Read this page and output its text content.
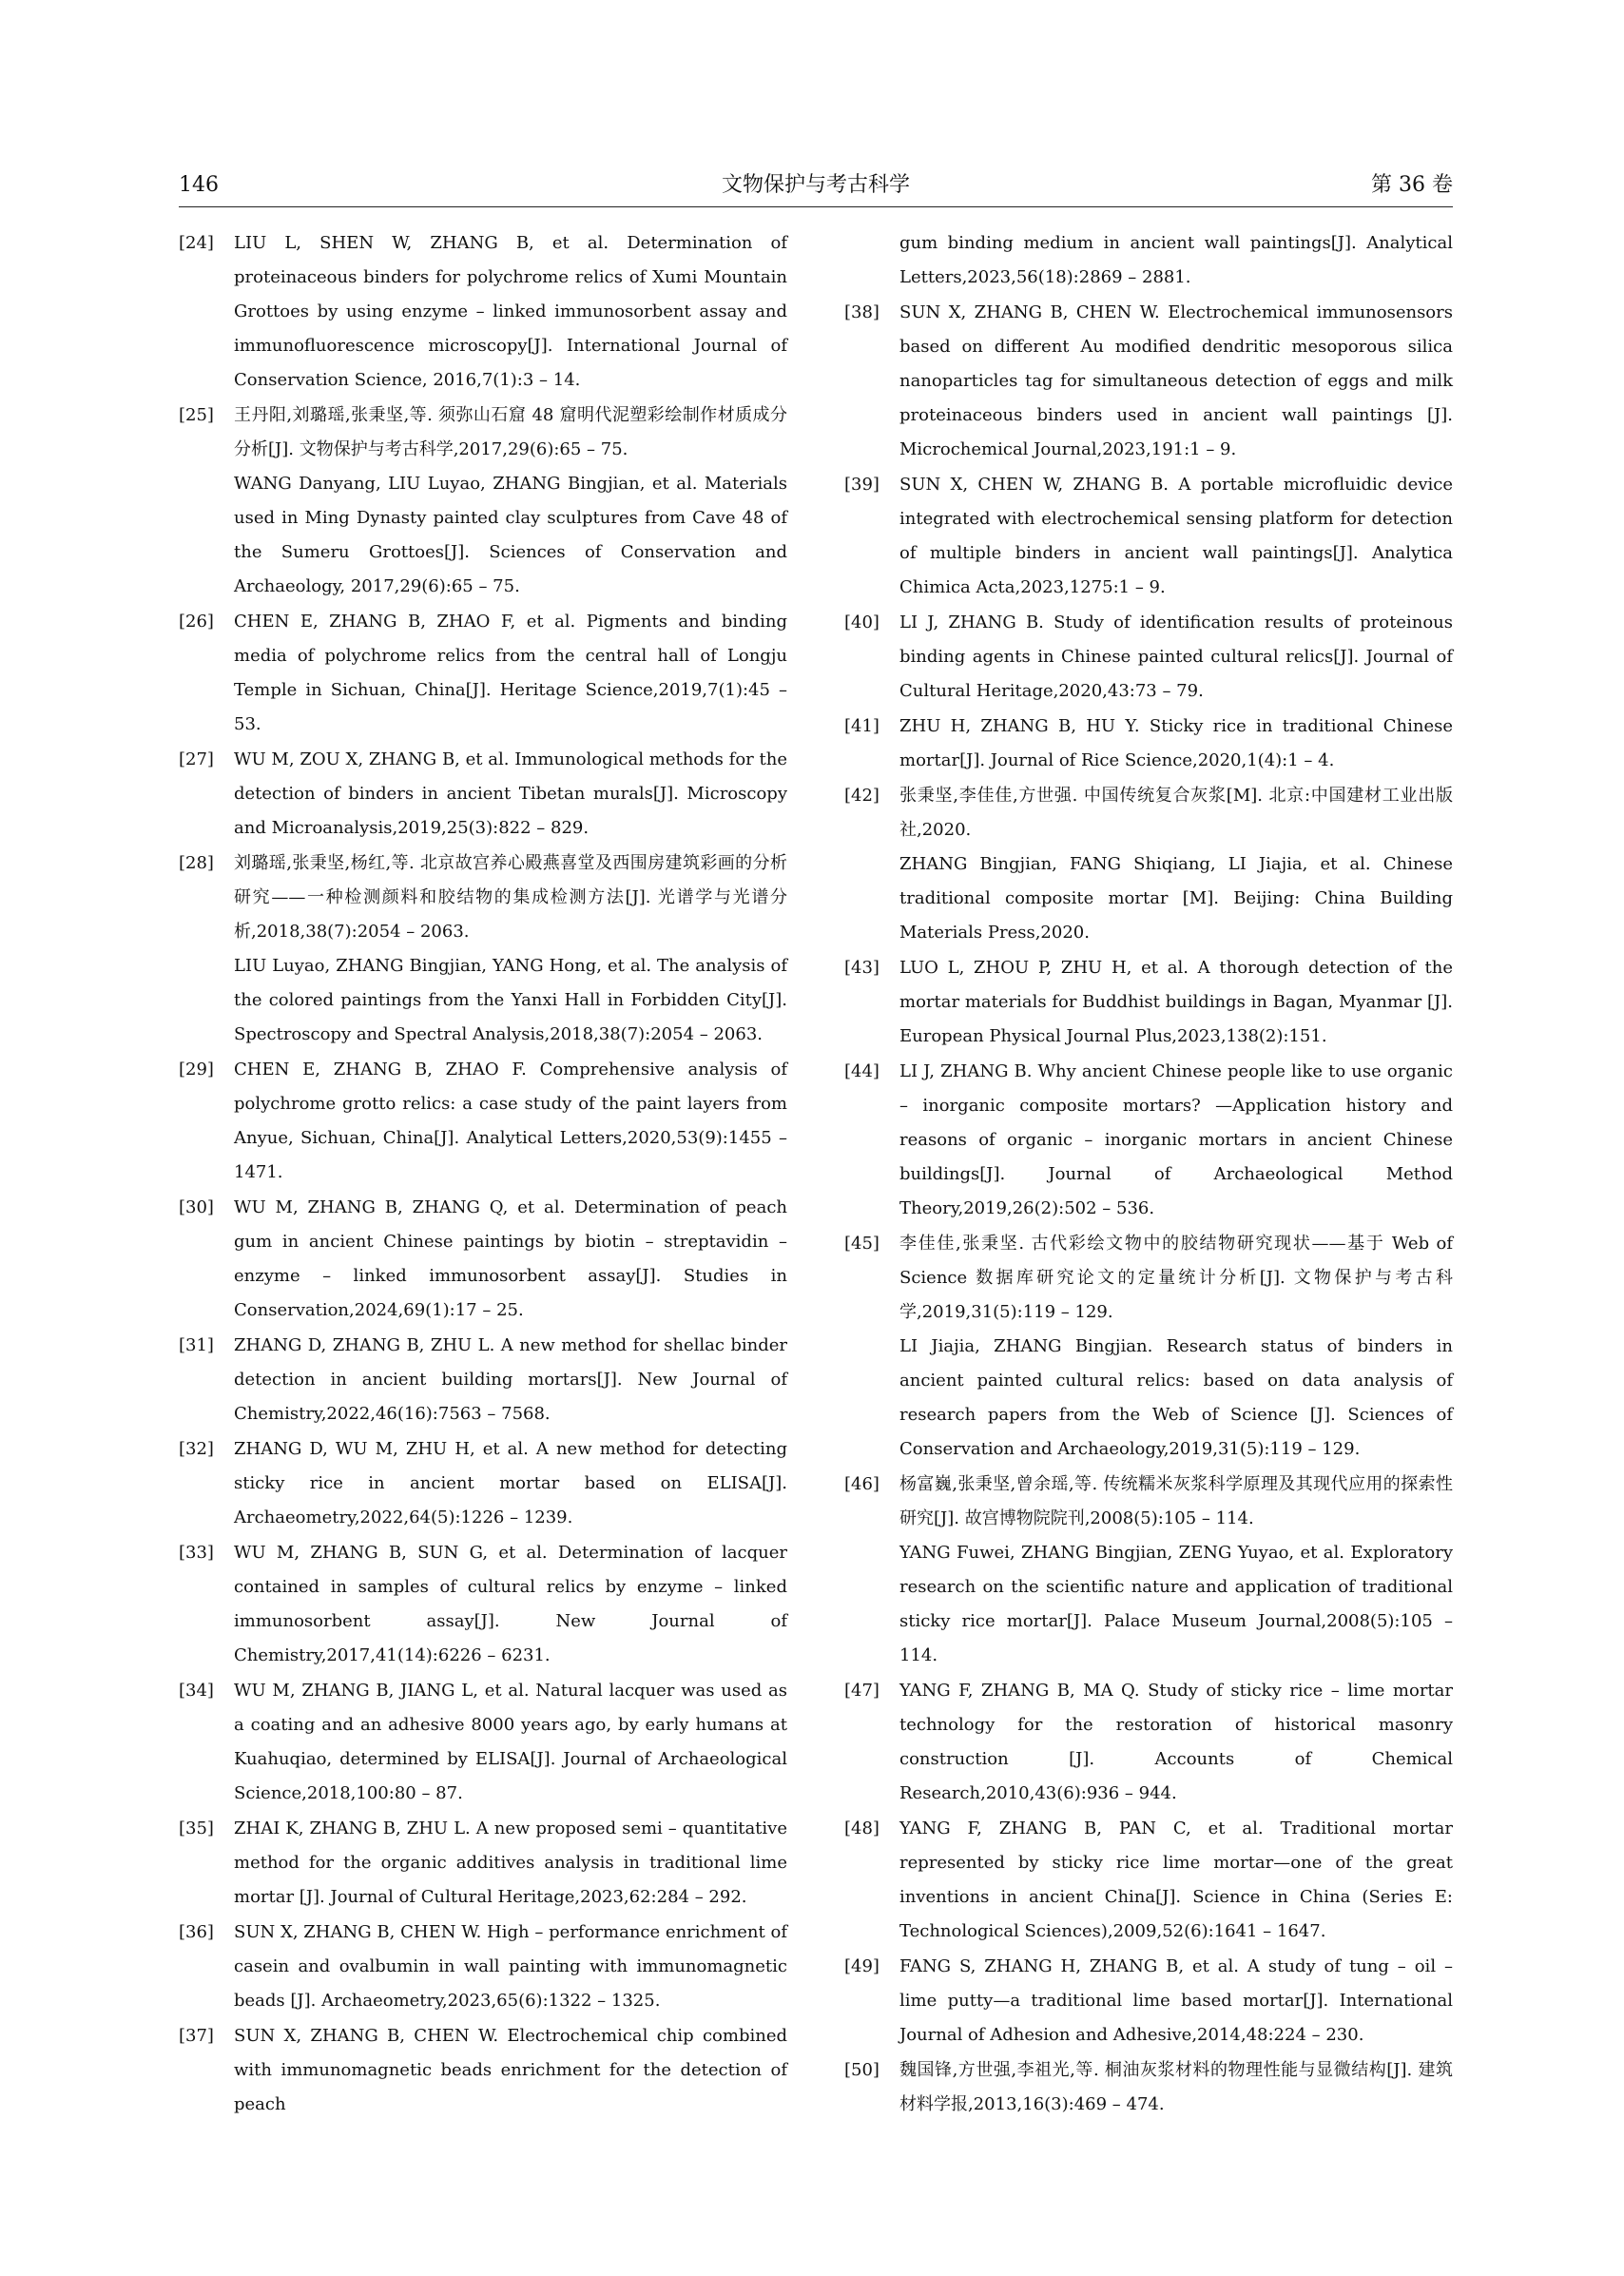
146	文物保护与考古科学	第 36 卷
[24] LIU L, SHEN W, ZHANG B, et al. Determination of proteinaceous binders for polychrome relics of Xumi Mountain Grottoes by using enzyme – linked immunosorbent assay and immunofluorescence microscopy[J]. International Journal of Conservation Science, 2016,7(1):3 – 14.
[25] 王丹阳,刘璐瑶,张秉坚,等. 须弥山石窟 48 窟明代泥塑彩绘制作材质成分分析[J]. 文物保护与考古科学,2017,29(6):65 – 75.
WANG Danyang, LIU Luyao, ZHANG Bingjian, et al. Materials used in Ming Dynasty painted clay sculptures from Cave 48 of the Sumeru Grottoes[J]. Sciences of Conservation and Archaeology, 2017,29(6):65 – 75.
[26] CHEN E, ZHANG B, ZHAO F, et al. Pigments and binding media of polychrome relics from the central hall of Longju Temple in Sichuan, China[J]. Heritage Science,2019,7(1):45 – 53.
[27] WU M, ZOU X, ZHANG B, et al. Immunological methods for the detection of binders in ancient Tibetan murals[J]. Microscopy and Microanalysis,2019,25(3):822 – 829.
[28] 刘璐瑶,张秉坚,杨红,等. 北京故宫养心殿燕喜堂及西围房建筑彩画的分析研究——一种检测颜料和胶结物的集成检测方法[J]. 光谱学与光谱分析,2018,38(7):2054 – 2063.
LIU Luyao, ZHANG Bingjian, YANG Hong, et al. The analysis of the colored paintings from the Yanxi Hall in Forbidden City[J]. Spectroscopy and Spectral Analysis,2018,38(7):2054 – 2063.
[29] CHEN E, ZHANG B, ZHAO F. Comprehensive analysis of polychrome grotto relics: a case study of the paint layers from Anyue, Sichuan, China[J]. Analytical Letters,2020,53(9):1455 – 1471.
[30] WU M, ZHANG B, ZHANG Q, et al. Determination of peach gum in ancient Chinese paintings by biotin – streptavidin – enzyme – linked immunosorbent assay[J]. Studies in Conservation,2024,69(1):17 – 25.
[31] ZHANG D, ZHANG B, ZHU L. A new method for shellac binder detection in ancient building mortars[J]. New Journal of Chemistry,2022,46(16):7563 – 7568.
[32] ZHANG D, WU M, ZHU H, et al. A new method for detecting sticky rice in ancient mortar based on ELISA[J]. Archaeometry,2022,64(5):1226 – 1239.
[33] WU M, ZHANG B, SUN G, et al. Determination of lacquer contained in samples of cultural relics by enzyme – linked immunosorbent assay[J]. New Journal of Chemistry,2017,41(14):6226 – 6231.
[34] WU M, ZHANG B, JIANG L, et al. Natural lacquer was used as a coating and an adhesive 8000 years ago, by early humans at Kuahuqiao, determined by ELISA[J]. Journal of Archaeological Science,2018,100:80 – 87.
[35] ZHAI K, ZHANG B, ZHU L. A new proposed semi – quantitative method for the organic additives analysis in traditional lime mortar [J]. Journal of Cultural Heritage,2023,62:284 – 292.
[36] SUN X, ZHANG B, CHEN W. High – performance enrichment of casein and ovalbumin in wall painting with immunomagnetic beads [J]. Archaeometry,2023,65(6):1322 – 1325.
[37] SUN X, ZHANG B, CHEN W. Electrochemical chip combined with immunomagnetic beads enrichment for the detection of peach
gum binding medium in ancient wall paintings[J]. Analytical Letters,2023,56(18):2869 – 2881.
[38] SUN X, ZHANG B, CHEN W. Electrochemical immunosensors based on different Au modified dendritic mesoporous silica nanoparticles tag for simultaneous detection of eggs and milk proteinaceous binders used in ancient wall paintings [J]. Microchemical Journal,2023,191:1 – 9.
[39] SUN X, CHEN W, ZHANG B. A portable microfluidic device integrated with electrochemical sensing platform for detection of multiple binders in ancient wall paintings[J]. Analytica Chimica Acta,2023,1275:1 – 9.
[40] LI J, ZHANG B. Study of identification results of proteinous binding agents in Chinese painted cultural relics[J]. Journal of Cultural Heritage,2020,43:73 – 79.
[41] ZHU H, ZHANG B, HU Y. Sticky rice in traditional Chinese mortar[J]. Journal of Rice Science,2020,1(4):1 – 4.
[42] 张秉坚,李佳佳,方世强. 中国传统复合灰浆[M]. 北京:中国建材工业出版社,2020.
ZHANG Bingjian, FANG Shiqiang, LI Jiajia, et al. Chinese traditional composite mortar [M]. Beijing: China Building Materials Press,2020.
[43] LUO L, ZHOU P, ZHU H, et al. A thorough detection of the mortar materials for Buddhist buildings in Bagan, Myanmar [J]. European Physical Journal Plus,2023,138(2):151.
[44] LI J, ZHANG B. Why ancient Chinese people like to use organic – inorganic composite mortars? —Application history and reasons of organic – inorganic mortars in ancient Chinese buildings[J]. Journal of Archaeological Method Theory,2019,26(2):502 – 536.
[45] 李佳佳,张秉坚. 古代彩绘文物中的胶结物研究现状——基于 Web of Science 数据库研究论文的定量统计分析[J]. 文物保护与考古科学,2019,31(5):119 – 129.
LI Jiajia, ZHANG Bingjian. Research status of binders in ancient painted cultural relics: based on data analysis of research papers from the Web of Science [J]. Sciences of Conservation and Archaeology,2019,31(5):119 – 129.
[46] 杨富巍,张秉坚,曾余瑶,等. 传统糯米灰浆科学原理及其现代应用的探索性研究[J]. 故宫博物院院刊,2008(5):105 – 114.
YANG Fuwei, ZHANG Bingjian, ZENG Yuyao, et al. Exploratory research on the scientific nature and application of traditional sticky rice mortar[J]. Palace Museum Journal,2008(5):105 – 114.
[47] YANG F, ZHANG B, MA Q. Study of sticky rice – lime mortar technology for the restoration of historical masonry construction [J]. Accounts of Chemical Research,2010,43(6):936 – 944.
[48] YANG F, ZHANG B, PAN C, et al. Traditional mortar represented by sticky rice lime mortar—one of the great inventions in ancient China[J]. Science in China (Series E: Technological Sciences),2009,52(6):1641 – 1647.
[49] FANG S, ZHANG H, ZHANG B, et al. A study of tung – oil – lime putty—a traditional lime based mortar[J]. International Journal of Adhesion and Adhesive,2014,48:224 – 230.
[50] 魏国锋,方世强,李祖光,等. 桐油灰浆材料的物理性能与显微结构[J]. 建筑材料学报,2013,16(3):469 – 474.
